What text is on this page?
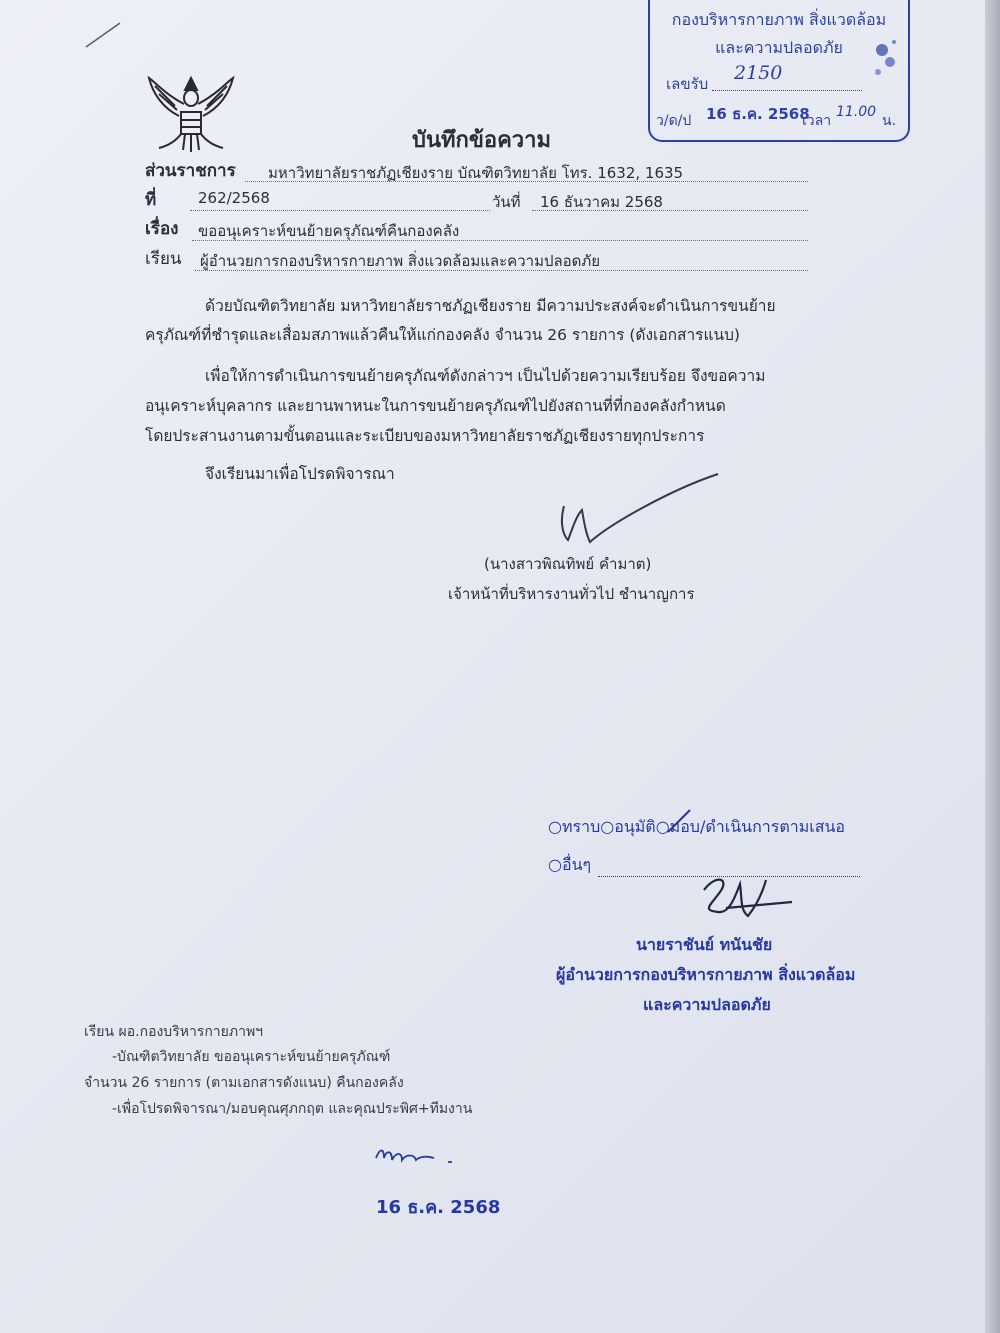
กองบริหารกายภาพ สิ่งแวดล้อม
และความปลอดภัย
เลขรับ 2150
ว/ด/ป 16 ธ.ค. 2568
เวลา
11.00
น.
บันทึกข้อความ
ส่วนราชการ มหาวิทยาลัยราชภัฏเชียงราย บัณฑิตวิทยาลัย โทร. 1632, 1635
ที่	262/2568	วันที่ 16 ธันวาคม 2568
เรื่อง ขออนุเคราะห์ขนย้ายครุภัณฑ์คืนกองคลัง
เรียน ผู้อำนวยการกองบริหารกายภาพ สิ่งแวดล้อมและความปลอดภัย
ด้วยบัณฑิตวิทยาลัย มหาวิทยาลัยราชภัฏเชียงราย มีความประสงค์จะดำเนินการขนย้าย
ครุภัณฑ์ที่ชำรุดและเสื่อมสภาพแล้วคืนให้แก่กองคลัง จำนวน 26 รายการ (ดังเอกสารแนบ)
เพื่อให้การดำเนินการขนย้ายครุภัณฑ์ดังกล่าวฯ เป็นไปด้วยความเรียบร้อย จึงขอความ
อนุเคราะห์บุคลากร และยานพาหนะในการขนย้ายครุภัณฑ์ไปยังสถานที่ที่กองคลังกำหนด
โดยประสานงานตามขั้นตอนและระเบียบของมหาวิทยาลัยราชภัฏเชียงรายทุกประการ
จึงเรียนมาเพื่อโปรดพิจารณา
(นางสาวพิณทิพย์ คำมาต)
เจ้าหน้าที่บริหารงานทั่วไป ชำนาญการ
○ทราบ○อนุมัติ○มอบ/ดำเนินการตามเสนอ
○อื่นๆ
นายราชันย์ ทนันชัย
ผู้อำนวยการกองบริหารกายภาพ สิ่งแวดล้อม
และความปลอดภัย
เรียน ผอ.กองบริหารกายภาพฯ
-บัณฑิตวิทยาลัย ขออนุเคราะห์ขนย้ายครุภัณฑ์
จำนวน 26 รายการ (ตามเอกสารดังแนบ) คืนกองคลัง
-เพื่อโปรดพิจารณา/มอบคุณศุภกฤต และคุณประพิศ+ทีมงาน
16 ธ.ค. 2568
